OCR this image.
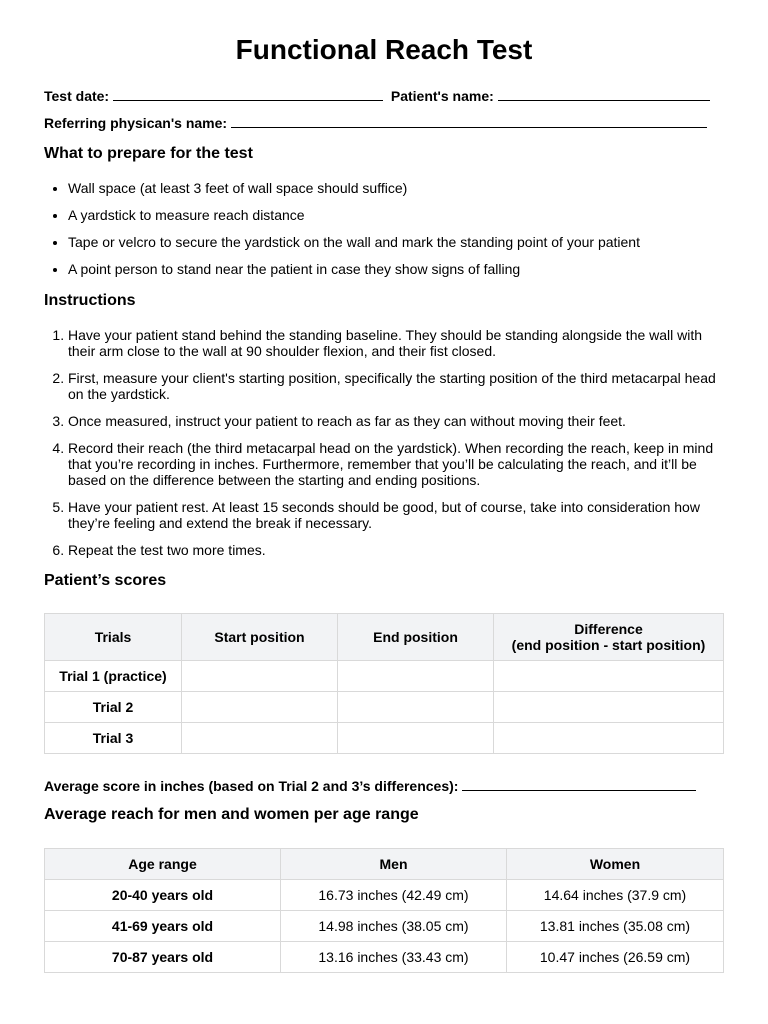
Functional Reach Test
Test date:	Patient's name:
Referring physican's name:
What to prepare for the test
• Wall space (at least 3 feet of wall space should suffice)
• A yardstick to measure reach distance
• Tape or velcro to secure the yardstick on the wall and mark the standing point of your patient
• A point person to stand near the patient in case they show signs of falling
Instructions
1. Have your patient stand behind the standing baseline. They should be standing alongside the wall with their arm close to the wall at 90 shoulder flexion, and their fist closed.
2. First, measure your client's starting position, specifically the starting position of the third metacarpal head on the yardstick.
3. Once measured, instruct your patient to reach as far as they can without moving their feet.
4. Record their reach (the third metacarpal head on the yardstick). When recording the reach, keep in mind that you’re recording in inches. Furthermore, remember that you’ll be calculating the reach, and it’ll be based on the difference between the starting and ending positions.
5. Have your patient rest. At least 15 seconds should be good, but of course, take into consideration how they’re feeling and extend the break if necessary.
6. Repeat the test two more times.
Patient’s scores
Trials	Start position	End position	Difference
(end position - start position)
Trial 1 (practice)			
Trial 2			
Trial 3			
Average score in inches (based on Trial 2 and 3’s differences):
Average reach for men and women per age range
Age range	Men	Women
20-40 years old	16.73 inches (42.49 cm)	14.64 inches (37.9 cm)
41-69 years old	14.98 inches (38.05 cm)	13.81 inches (35.08 cm)
70-87 years old	13.16 inches (33.43 cm)	10.47 inches (26.59 cm)
